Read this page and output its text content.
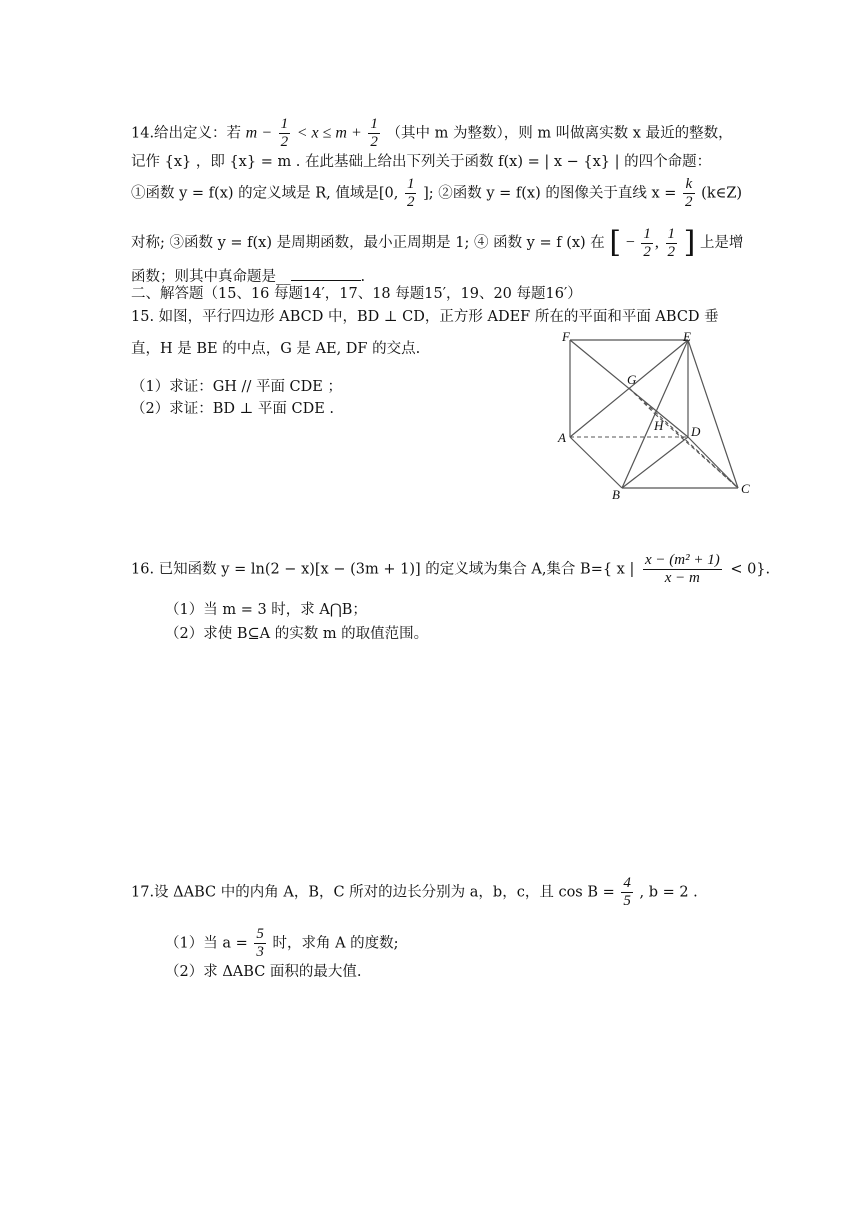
14.给出定义：若 $m - \frac{1}{2} < x \le m + \frac{1}{2}$ （其中 m 为整数），则 m 叫做离实数 x 最近的整数，
记作 {x} ，即 {x} = m . 在此基础上给出下列关于函数 f(x) = | x − {x} | 的四个命题：
①函数 y = f(x) 的定义域是 R, 值域是[0, $\frac{1}{2}$ ]; ②函数 y = f(x) 的图像关于直线 $x = \frac{k}{2}$ (k∈Z)
对称; ③函数 y = f(x) 是周期函数，最小正周期是 1; ④ 函数 y = f (x) 在 [ − $\frac{1}{2}$ , $\frac{1}{2}$ ] 上是增
函数；则其中真命题是__	.
二、解答题（15、16 每题14′，17、18 每题15′，19、20 每题16′）
15. 如图，平行四边形 ABCD 中，BD ⊥ CD，正方形 ADEF 所在的平面和平面 ABCD 垂
直，H 是 BE 的中点，G 是 AE, DF 的交点.
（1）求证：GH // 平面 CDE ；
（2）求证：BD ⊥ 平面 CDE .
F	E
G
H
A	D
B	C
16. 已知函数 y = ln(2 − x)[x − (3m + 1)] 的定义域为集合 A,集合 B={ x | $\frac{\text{x − (m² + 1)}}{x - m} < 0$}.
（1）当 m = 3 时，求 A⋂B；
（2）求使 B⊆A 的实数 m 的取值范围。
17.设 ΔABC 中的内角 A，B，C 所对的边长分别为 a，b，c，且 $\cos B = \frac{4}{5}$ , b = 2 .
（1）当 $a = \frac{5}{3}$ 时，求角 A 的度数;
（2）求 ΔABC 面积的最大值.
